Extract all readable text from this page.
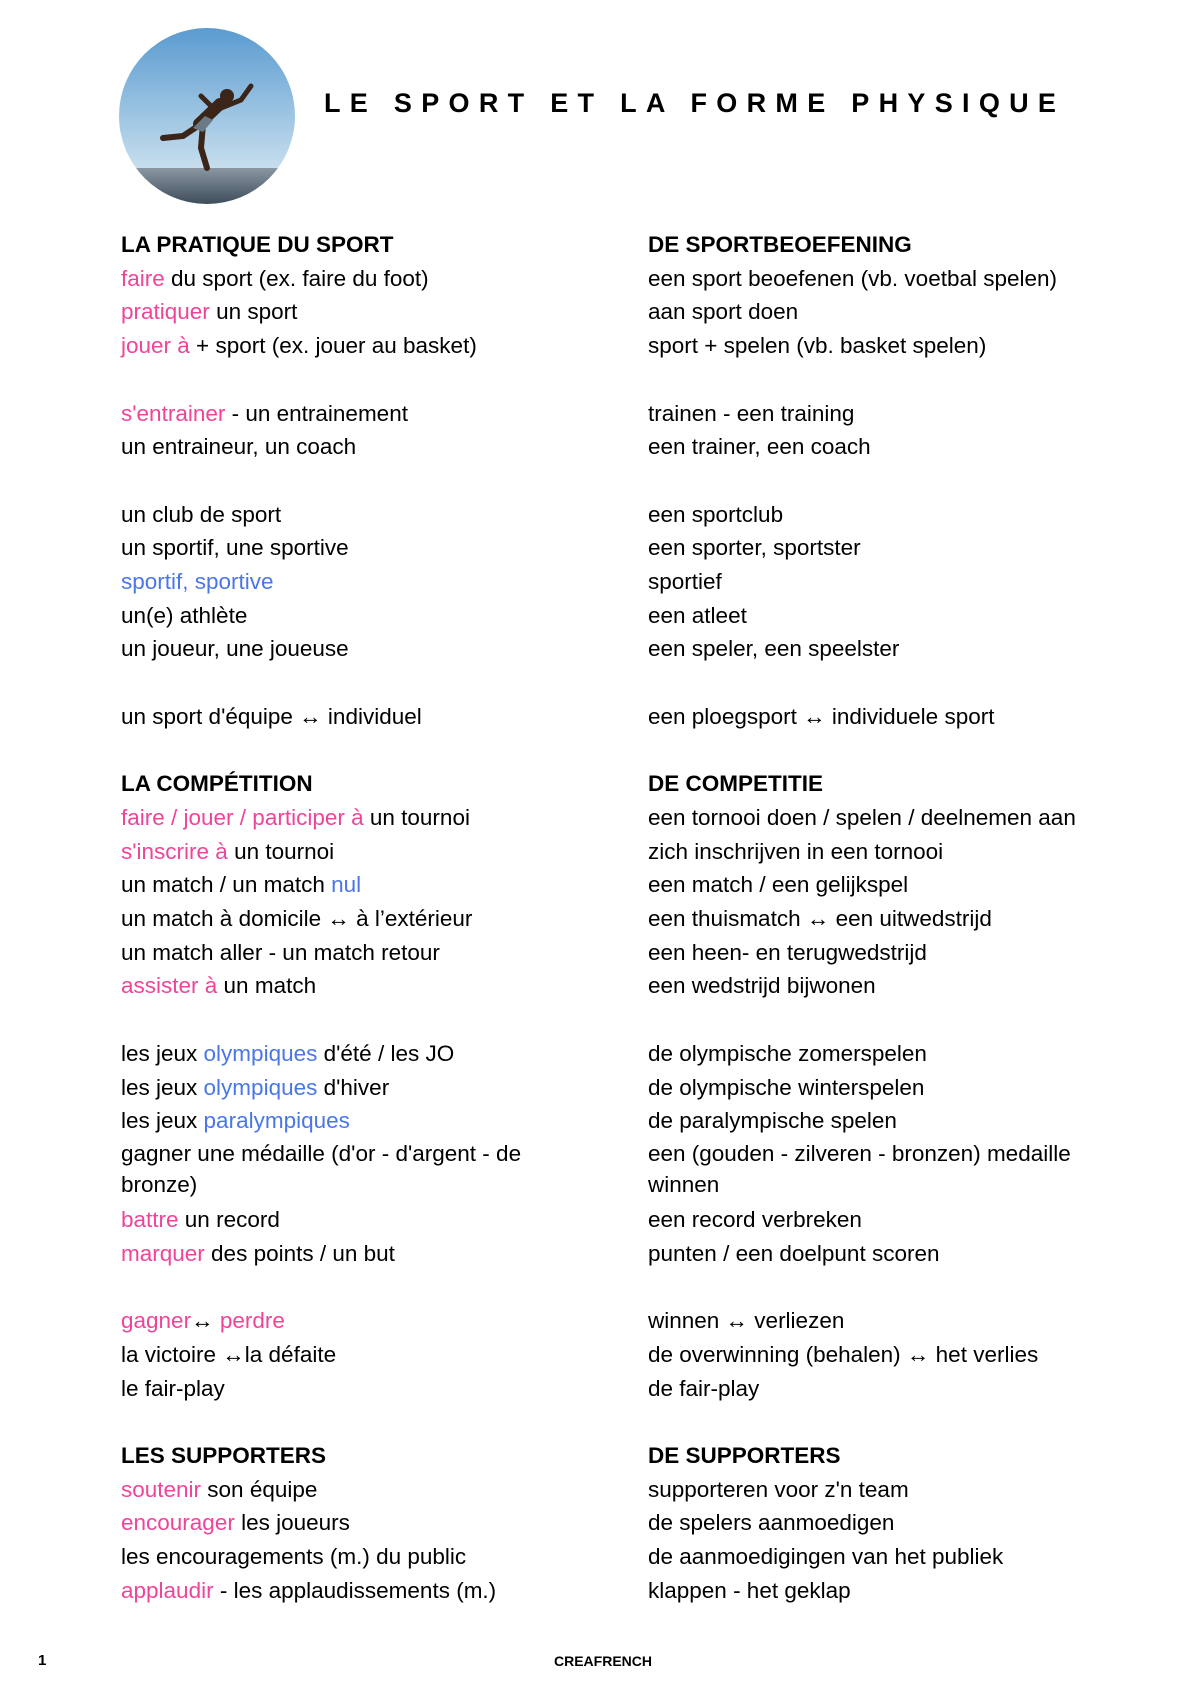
LE SPORT ET LA FORME PHYSIQUE
LA PRATIQUE DU SPORT
faire du sport (ex. faire du foot)
pratiquer un sport
jouer à + sport (ex. jouer au basket)
s'entrainer - un entrainement
un entraineur, un coach
un club de sport
un sportif, une sportive
sportif, sportive
un(e) athlète
un joueur, une joueuse
un sport d'équipe ↔ individuel
LA COMPÉTITION
faire / jouer / participer à un tournoi
s'inscrire à un tournoi
un match / un match nul
un match à domicile ↔ à l’extérieur
un match aller - un match retour
assister à un match
les jeux olympiques d'été / les JO
les jeux olympiques d'hiver
les jeux paralympiques
gagner une médaille (d'or - d'argent - de bronze)
battre un record
marquer des points / un but
gagner↔ perdre
la victoire ↔la défaite
le fair-play
LES SUPPORTERS
soutenir son équipe
encourager les joueurs
les encouragements (m.) du public
applaudir - les applaudissements (m.)
DE SPORTBEOEFENING
een sport beoefenen (vb. voetbal spelen)
aan sport doen
sport + spelen (vb. basket spelen)
trainen - een training
een trainer, een coach
een sportclub
een sporter, sportster
sportief
een atleet
een speler, een speelster
een ploegsport ↔ individuele sport
DE COMPETITIE
een tornooi doen / spelen / deelnemen aan
zich inschrijven in een tornooi
een match / een gelijkspel
een thuismatch ↔ een uitwedstrijd
een heen- en terugwedstrijd
een wedstrijd bijwonen
de olympische zomerspelen
de olympische winterspelen
de paralympische spelen
een (gouden - zilveren - bronzen) medaille winnen
een record verbreken
punten / een doelpunt scoren
winnen ↔ verliezen
de overwinning (behalen) ↔ het verlies
de fair-play
DE SUPPORTERS
supporteren voor z'n team
de spelers aanmoedigen
de aanmoedigingen van het publiek
klappen - het geklap
1	CREAFRENCH
